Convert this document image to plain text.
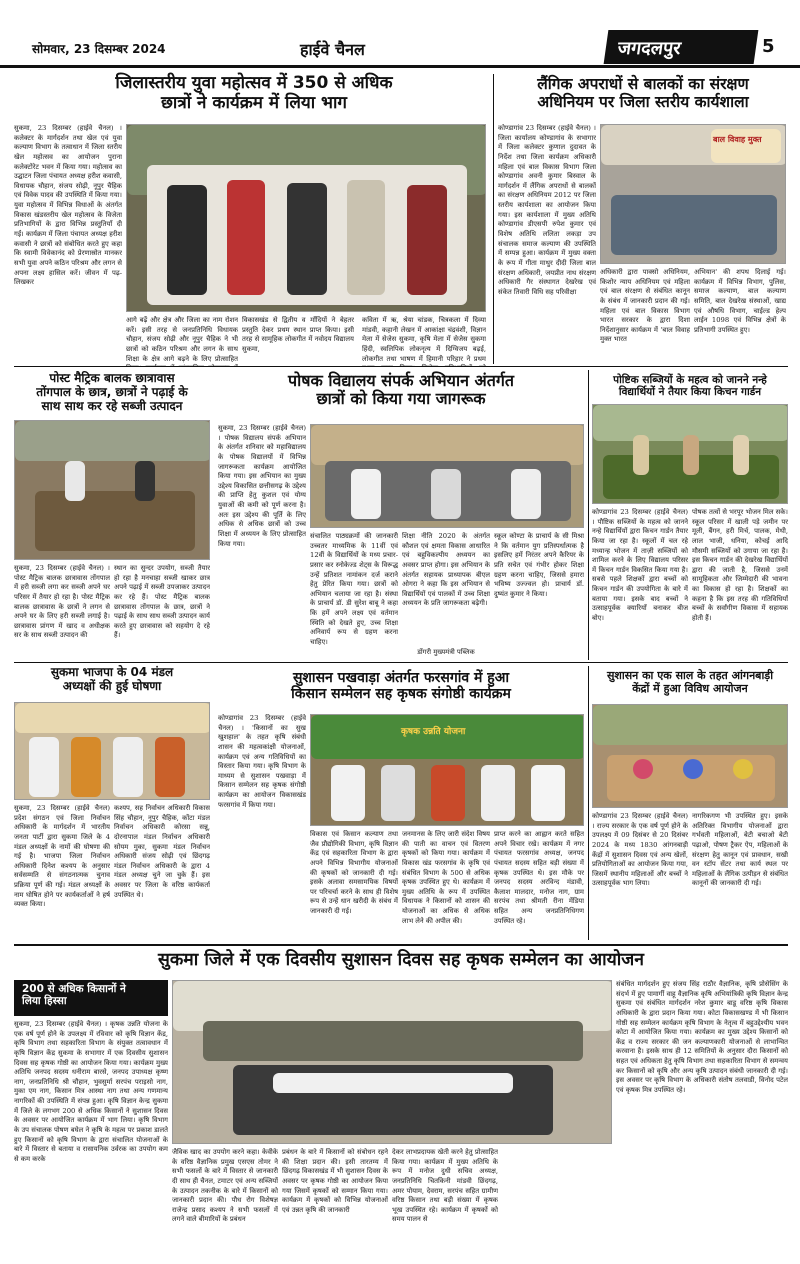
सोमवार, 23 दिसम्बर 2024	हाईवे चैनल	जगदलपुर	5
जिलास्तरीय युवा महोत्सव में 350 से अधिक
छात्रों ने कार्यक्रम में लिया भाग
सुकमा, 23 दिसम्बर (हाईवे चैनल) । कलेक्टर के मार्गदर्शन तथा खेल एवं युवा कल्याण विभाग के तत्वाधान में जिला स्तरीय खेल महोत्सव का आयोजन पुराना कलेक्टोरेट भवन में किया गया। महोत्सव का उद्घाटन जिला पंचायत अध्यक्ष हरीश कवासी, विधायक चौहान, संजय सोढ़ी, नूपुर चैहिक एवं विवेक यादव की उपस्थिति में किया गया। युवा महोत्सव में विभिन्न विधाओं के अंतर्गत विकास खंडस्तरीय खेल महोत्सव के विजेता प्रतिभागियों के द्वारा विभिन्न प्रस्तुतियाँ दी गईं। कार्यक्रम में जिला पंचायत अध्यक्ष हरीश कवासी ने छात्रों को संबोधित करते हुए कहा कि स्वामी विवेकानंद को प्रेरणास्रोत मानकर सभी युवा अपने कठिन परिश्रम और लगन से अपना लक्ष्य हासिल करें। जीवन में पढ़-लिखकर
आगे बढ़ें और क्षेत्र और जिला का नाम रोशन करें। इसी तरह से जनप्रतिनिधि विधायक चौहान, संजय सोढ़ी और नूपुर चैहिक ने भी छात्रों को कठिन परिश्रम और लगन के साथ शिक्षा के क्षेत्र आगे बढ़ने के लिए प्रोत्साहित
विकासखंड से द्वितीय व माँदियों ने बेहतर प्रस्तुति देकर प्रथम स्थान प्राप्त किया। इसी तरह से सामूहिक लोकगीत में नवोदय विद्यालय सुकमा,
कविता में ऋ, श्रेया चांडक, चित्रकला में दिव्या मांडवी, कहानी लेखन में आकांक्षा चंद्रवंशी, विज्ञान मेला में सेजेस सुकमा, कृषि मेला में सेजेस सुकमा हिंदी, स्वलिपिक लोकनृत्य में दिग्विजय बढ़ई, लोकगीत तथा भाषण में हिमानी परिहार ने प्रथम
लैंगिक अपराधों से बालकों का संरक्षण
अधिनियम पर जिला स्तरीय कार्यशाला
कोण्डागांव 23 दिसम्बर (हाईवे चैनल) । जिला कार्यालय कोण्डागांव के सभागार में जिला कलेक्टर कुणाल दुदावत के निर्देश तथा जिला कार्यक्रम अधिकारी महिला एवं बाल विकास विभाग जिला कोण्डागांव अवनी कुमार बिस्वाल के मार्गदर्शन में लैंगिक अपराधों से बालकों का संरक्षण अधिनियम 2012 पर जिला स्तरीय कार्यशाला का आयोजन किया गया। इस कार्यशाला में मुख्य अतिथि कोण्डागांव डीएसपी रुपेश कुमार एवं विशेष अतिथि ललिता लकड़ा उप संचालक समाज कल्याण की उपस्थिति में सम्पन्न हुआ। कार्यक्रम में मुख्य वक्ता के रूप में गीता माथुर दीदी जिला बाल संरक्षण अधिकारी, जयप्रीत नाथ संरक्षण अधिकारी गैर संस्थागत देखरेख एवं संकेत तिवारी विधि सह परिवीक्षा
बाल विवाह मुक्त
अधिकारी द्वारा पाक्सो अधिनियम, किशोर न्याय अधिनियम एवं महिला एवं बाल संरक्षण से संबंधित कानून के संबंध में जानकारी प्रदान की गई। महिला एवं बाल विकास विभाग भारत सरकार के द्वारा दिशा निर्देशानुसार कार्यक्रम में 'बाल विवाह मुक्त भारत
अभियान' की शपथ दिलाई गई। कार्यक्रम में विभिन्न विभाग, पुलिस, समाज कल्याण, बाल कल्याण समिति, बाल देखरेख संस्थाओं, खाद्य एवं औषधि विभाग, चाईल्ड हेल्प लाईन 1098 एवं विभिन्न क्षेत्रों के प्रतिभागी उपस्थित हुए।
पोस्ट मैट्रिक बालक छात्रावास
तोंगपाल के छात्र, छात्रों ने पढ़ाई के
साथ साथ कर रहे सब्जी उत्पादन
सुकमा, 23 दिसम्बर (हाईवे चैनल) । पोस्ट मैट्रिक बालक छात्रावास तोंगपाल में हरी सब्जी लगा कर सब्जी अपने घर परिसर में तैयार हो रहा है। पोस्ट मैट्रिक बालक छात्रावास के छात्रों ने लगन से अपने घर के लिए हरी सब्जी लगाई है। छात्रावास प्रांगण में खाद व अधीक्षक सर के साथ सब्जी उत्पादन की
स्थान का सुन्दर उपयोग, सब्जी तैयार हो रहा है मनचाहा सब्जी खाकर छात्र अपने पढ़ाई में सब्जी उपजाकर उत्पादन कर रहे हैं। पोस्ट मैट्रिक बालक छात्रावास तोंगपाल के छात्र, छात्रों ने पढ़ाई के साथ साथ सब्जी उत्पादन कार्य करते हुए छात्रावास को सहयोग दे रहे हैं।
पोषक विद्यालय संपर्क अभियान अंतर्गत
छात्रों को किया गया जागरूक
सुकमा, 23 दिसम्बर (हाईवे चैनल) । पोषक विद्यालय संपर्क अभियान के अंतर्गत शनिवार को महाविद्यालय के पोषक विद्यालयों में विभिन्न जागरूकता कार्यक्रम आयोजित किया गया। इस अभियान का मुख्य उद्देश्य विकासित छत्तीसगढ़ के उद्देश्य की प्राप्ति हेतु कुशल एवं योग्य युवाओं की कमी को पूर्ण करना है। अतः इस उद्देश्य की पूर्ति के लिए अधिक से अधिक छात्रों को उच्च शिक्षा में अध्ययन के लिए प्रोत्साहित किया गया।
संचालित पाठ्यक्रमों की जानकारी उच्चतर माध्यमिक के 11वीं एवं 12वीं के विद्यार्थियों के मध्य प्रचार-प्रसार कर स्नोकेज्ड शेट्‌स के विरूद्ध उन्हें प्रतिशत नामांकन दर्ज कराने हेतु प्रेरित किया गया। छात्रों को अभियान चलाया जा रहा है। संस्था के प्राचार्य डॉ. डी सुरेश बाबू ने कहा कि हमें अपने लक्ष्य एवं वर्तमान स्थिति को देखते हुए, उच्च शिक्षा अनिवार्य रूप से ग्रहण करना चाहिए।
शिक्षा नीति 2020 के अंतर्गत कौशल एवं क्षमता विकास आधारित एवं बहुविकल्पीय अध्ययन का अवसर प्राप्त होगा। इस अभियान के अंतर्गत सहायक प्राध्यापक बीएल ओगरा ने कहा कि इस अभियान से विद्यार्थियों एवं पालकों में उच्च शिक्षा अध्ययन के प्रति जागरूकता बढ़ेगी।
स्कूल कोण्टा के प्राचार्य के सी मिश्रा ने कि वर्तमान युग प्रतिस्पर्धात्मक है इसलिए हमें निरंतर अपने कैरियर के प्रति सचेत एवं गंभीर होकर शिक्षा ग्रहण करना चाहिए, जिससे हमारा भविष्य उज्ज्वल हो। प्राचार्य डॉ. दुष्यंत कुमार ने किया।
डोंगरी मुख्यमंत्री पब्लिक
पोष्टिक सब्जियों के महत्व को जानने नन्हे
विद्यार्थियों ने तैयार किया किचन गार्डन
कोण्डागांव 23 दिसम्बर (हाईवे चैनल) । पौष्टिक सब्जियों के महत्व को जानने नन्हे विद्यार्थियों द्वारा किचन गार्डन तैयार किया जा रहा है। स्कूलों में चल रहे मध्यान्ह भोजन में ताज़ी सब्जियों को शामिल करने के लिए विद्यालय परिसर में किचन गार्डन विकसित किया गया है। सबसे पहले शिक्षकों द्वारा बच्चों को किचन गार्डन की उपयोगिता के बारे में बताया गया। इसके बाद बच्चों ने उत्साहपूर्वक क्यारियाँ बनाकर बीज बोए।
पोषक तत्वों से भरपूर भोजन मिल सके। स्कूल परिसर में खाली पड़े जमीन पर मूली, बैंगन, हरी मिर्च, पालक, मेथी, लाल भाजी, धनिया, कोचई आदि मौसमी सब्जियों को उगाया जा रहा है। इस किचन गार्डन की देखरेख विद्यार्थियों द्वारा की जाती है, जिससे उनमें सामूहिकता और जिम्मेदारी की भावना का विकास हो रहा है। शिक्षकों का कहना है कि इस तरह की गतिविधियाँ बच्चों के सर्वांगीण विकास में सहायक होती हैं।
सुकमा भाजपा के 04 मंडल
अध्यक्षों की हुई घोषणा
सुकमा, 23 दिसम्बर (हाईवे चैनल) प्रदेश संगठन एवं जिला निर्वाचन अधिकारी के मार्गदर्शन में भारतीय जनता पार्टी द्वारा सुकमा जिले के 4 मंडल अध्यक्षों के नामों की घोषणा की गई है। भाजपा जिला निर्वाचन अधिकारी दिनेश कश्यप के अनुसार सर्वसम्मति से संगठनात्मक चुनाव प्रक्रिया पूर्ण की गई। मंडल अध्यक्षों के नाम घोषित होने पर कार्यकर्ताओं ने हर्ष व्यक्त किया।
कश्यप, सह निर्वाचन अधिकारी विकास सिंह चौहान, नूपुर चैहिक, कोंटा मंडल निर्वाचन अधिकारी कोरसा सन्नू, दोरनापाल मंडल निर्वाचन अधिकारी सोयम मुका, सुकमा मंडल निर्वाचन अधिकारी संजय सोढ़ी एवं छिंदगढ़ मंडल निर्वाचन अधिकारी के द्वारा 4 मंडल अध्यक्ष चुने जा चुके हैं। इस अवसर पर जिला के वरिष्ठ कार्यकर्ता उपस्थित थे।
सुशासन पखवाड़ा अंतर्गत फरसगांव में हुआ
किसान सम्मेलन सह कृषक संगोष्ठी कार्यक्रम
कोण्डागांव 23 दिसम्बर (हाईवे चैनल) । 'किसानों का सुख खुशहाल' के तहत कृषि संबंधी शासन की महत्वकांक्षी योजनाओं, कार्यक्रम एवं अन्य गतिविधियों का विस्तार किया गया। कृषि विभाग के माध्यम से सुशासन पखवाड़ा में किसान सम्मेलन सह कृषक संगोष्ठी कार्यक्रम का आयोजन विकासखंड फरसगांव में किया गया।
कृषक उन्नति योजना
विकास एवं किसान कल्याण तथा जैव प्रौद्योगिकी विभाग, कृषि विज्ञान केंद्र एवं सहकारिता विभाग के द्वारा अपने विभिन्न विभागीय योजनाओं की कृषकों को जानकारी दी गई। इसके अलावा समसामयिक विषयों पर परिचर्चा करने के साथ ही विशेष रूप से उन्हें धान खरीदी के संबंध में जानकारी दी गई।
जनमानस के लिए जारी संदेश विषय की पाती का वाचन एवं वितरण कृषकों को किया गया। कार्यक्रम में विकास खंड फरसगांव के कृषि एवं संबंधित विभाग के 500 से अधिक कृषक उपस्थित हुए थे। कार्यक्रम में मुख्य अतिथि के रूप में उपस्थित विधायक ने किसानों को शासन की योजनाओं का अधिक से अधिक लाभ लेने की अपील की।
प्राप्त करने का आह्वान करते सहित अपने विचार रखे। कार्यक्रम में नगर पंचायत फरसगांव अध्यक्ष, जनपद पंचायत सदस्य सहित बड़ी संख्या में कृषक उपस्थित थे। इस मौके पर जनपद सदस्य अरविन्द मंडावी, कैलाश मालदार, मनोज नाग, ग्राम सरपंच तथा श्रीमती रीना मेंडिया सहित अन्य जनप्रतिनिधिगण उपस्थित रहे।
सुशासन का एक साल के तहत आंगनबाड़ी
केंद्रों में हुआ विविध आयोजन
कोण्डागांव 23 दिसम्बर (हाईवे चैनल) । राज्य सरकार के एक वर्ष पूर्ण होने के उपलक्ष्य में 09 दिसंबर से 20 दिसंबर 2024 के मध्य 1830 आंगनबाड़ी केंद्रों में सुशासन दिवस एवं अन्य खेलों, प्रतियोगिताओं का आयोजन किया गया, जिसमें स्थानीय महिलाओं और बच्चों ने उत्साहपूर्वक भाग लिया।
नागरिकगण भी उपस्थित हुए। इसके अतिरिक्त विभागीय योजनाओं द्वारा गर्भवती महिलाओं, बेटी बचाओ बेटी पढ़ाओ, पोषण ट्रैकर ऐप, महिलाओं के संरक्षण हेतु कानून एवं प्रावधान, सखी वन स्टॉप सेंटर तथा कार्य स्थल पर महिलाओं के लैंगिक उत्पीड़न से संबंधित कानूनों की जानकारी दी गई।
सुकमा जिले में एक दिवसीय सुशासन दिवस सह कृषक सम्मेलन का आयोजन
200 से अधिक किसानों ने
लिया हिस्सा
सुकमा, 23 दिसम्बर (हाईवे चैनल) । कृषक उन्नति योजना के एक वर्ष पूर्ण होने के उपलक्ष्य में रविवार को कृषि विज्ञान केंद्र, कृषि विभाग तथा सहकारिता विभाग के संयुक्त तत्वावधान में कृषि विज्ञान केंद्र सुकमा के सभागार में एक दिवसीय सुशासन दिवस सह कृषक गोष्ठी का आयोजन किया गया। कार्यक्रम मुख्य अतिथि जनपद सदस्य धनीराम बारसे, जनपद उपाध्यक्ष कृष्ण नाग, जनप्रतिनिधि श्री चौहान, भुवसुर्मा सरपंच पराइसो नाग, मुका एम नाग, किसान मित्र आस्था नाग तथा अन्य गणमान्य नागरिकों की उपस्थिति में संपन्न हुआ। कृषि विज्ञान केन्द्र सुकमा में जिले के लगभग 200 से अधिक किसानों ने सुशासन दिवस के अवसर पर आयोजित कार्यक्रम में भाग लिया। कृषि विभाग के उप संचालक पोषण बघेल ने कृषि के महत्व पर प्रकाश डालते हुए किसानों को कृषि विभाग के द्वारा संचालित योजनाओं के बारे में विस्तार से बताया व रासायनिक उर्वरक का उपयोग कम से कम करके
जैविक खाद का उपयोग करने कहा। केवीके के वरिष्ठ वैज्ञानिक प्रमुख एसएस तोमर ने सभी फसलों के बारे में विस्तार से जानकारी दी साथ ही चैनल, टमाटर एवं अन्य सब्जियों के उत्पादन तकनीक के बारे में किसानों को जानकारी प्रदान की। पौध रोग विशेषज्ञ राजेन्द्र प्रसाद कश्यप ने सभी फसलों में लगने वाले बीमारियों के प्रबंधन
प्रबंधन के बारे में किसानों को संबोधन रहने की शिक्षा प्रदान की। इसी तारतम्य में छिंदगढ़ विकासखंड में भी सुशासन दिवस के अवसर पर कृषक गोष्ठी का आयोजन किया गया जिसमें कृषकों को सम्मान किया गया। कार्यक्रम में कृषकों को विभिन्न योजनाओं एवं उन्नत कृषि की जानकारी
देकर लाभप्रदायक खेती करने हेतु प्रोत्साहित किया गया। कार्यक्रम में मुख्य अतिथि के रूप में मनोज दुधी सचिव अध्यक्ष, जनप्रतिनिधि चितकिनी मांडवी छिंदगढ़, अमर पोयाम, देवराम, सरपंच सहित ग्रामीण वरिष्ठ किसान तथा बड़ी संख्या में कृषक भूख उपस्थित रहे। कार्यक्रम में कृषकों को समय पालन से
संबंधित मार्गदर्शन हुए संजय सिंह राठौर वैज्ञानिक, कृषि प्रोसेसिंग के संदर्भ में हुए पामार्गी वाहू वैज्ञानिक कृषि अभियांत्रिकी कृषि विज्ञान केन्द्र सुकमा एवं संबंधित मार्गदर्शन नरेश कुमार बाडू वरिष्ठ कृषि विकास अधिकारी के द्वारा प्रदान किया गया। कोटा विकासखण्ड में भी किसान गोष्ठी सह सम्मेलन कार्यक्रम कृषि विभाग के नेतृत्व में बहुउद्देश्यीय भवन कोटा में आयोजित किया गया। कार्यक्रम का मुख्य उद्देश्य किसानों को केंद्र व राज्य सरकार की जन कल्याणकारी योजनाओं से लाभान्वित करवाना है। इसके साथ ही 12 समितियों के अनुसार दौरा किसानों को सहत एवं अधिकता हेतु कृषि विभाग तथा सहकारिता विभाग से समन्वय कर किसानों को कृषि और अन्य कृषि उत्पादन संबंधी जानकारी दी गई। इस अवसर पर कृषि विभाग के अधिकारी संतोष तलवाडी, विनोद पटेल एवं कृषक मित्र उपस्थित रहे।
